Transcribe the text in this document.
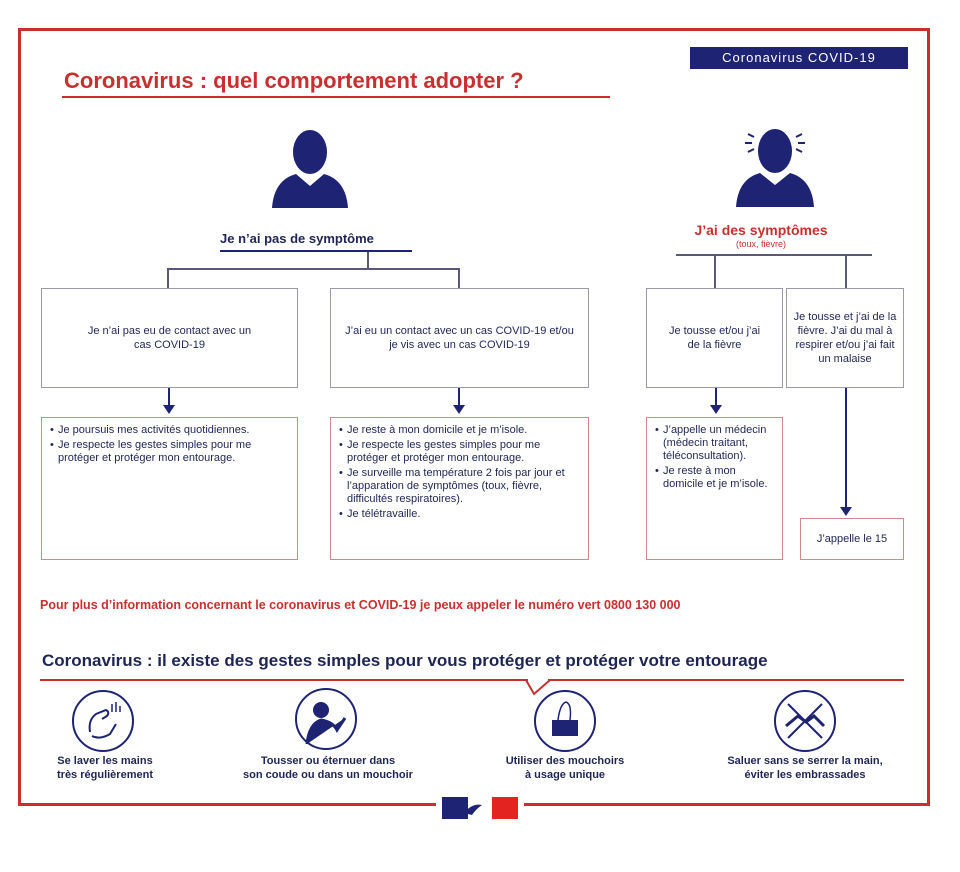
Coronavirus COVID-19
Coronavirus : quel comportement adopter ?
Je n’ai pas de symptôme
J’ai des symptômes
(toux, fièvre)
Je n’ai pas eu de contact avec un cas COVID-19
J’ai eu un contact avec un cas COVID-19 et/ou je vis avec un cas COVID-19
Je tousse et/ou j’ai de la fièvre
Je tousse et j’ai de la fièvre. J’ai du mal à respirer et/ou j’ai fait un malaise
• Je poursuis mes activités quotidiennes.
• Je respecte les gestes simples pour me protéger et protéger mon entourage.
• Je reste à mon domicile et je m’isole.
• Je respecte les gestes simples pour me protéger et protéger mon entourage.
• Je surveille ma température 2 fois par jour et l’apparation de symptômes (toux, fièvre, difficultés respiratoires).
• Je télétravaille.
• J’appelle un médecin (médecin traitant, téléconsultation).
• Je reste à mon domicile et je m’isole.
J’appelle le 15
Pour plus d’information concernant le coronavirus et COVID-19 je peux appeler le numéro vert 0800 130 000
Coronavirus : il existe des gestes simples pour vous protéger et protéger votre entourage
Se laver les mains
très régulièrement
Tousser ou éternuer dans
son coude ou dans un mouchoir
Utiliser des mouchoirs
à usage unique
Saluer sans se serrer la main,
éviter les embrassades
